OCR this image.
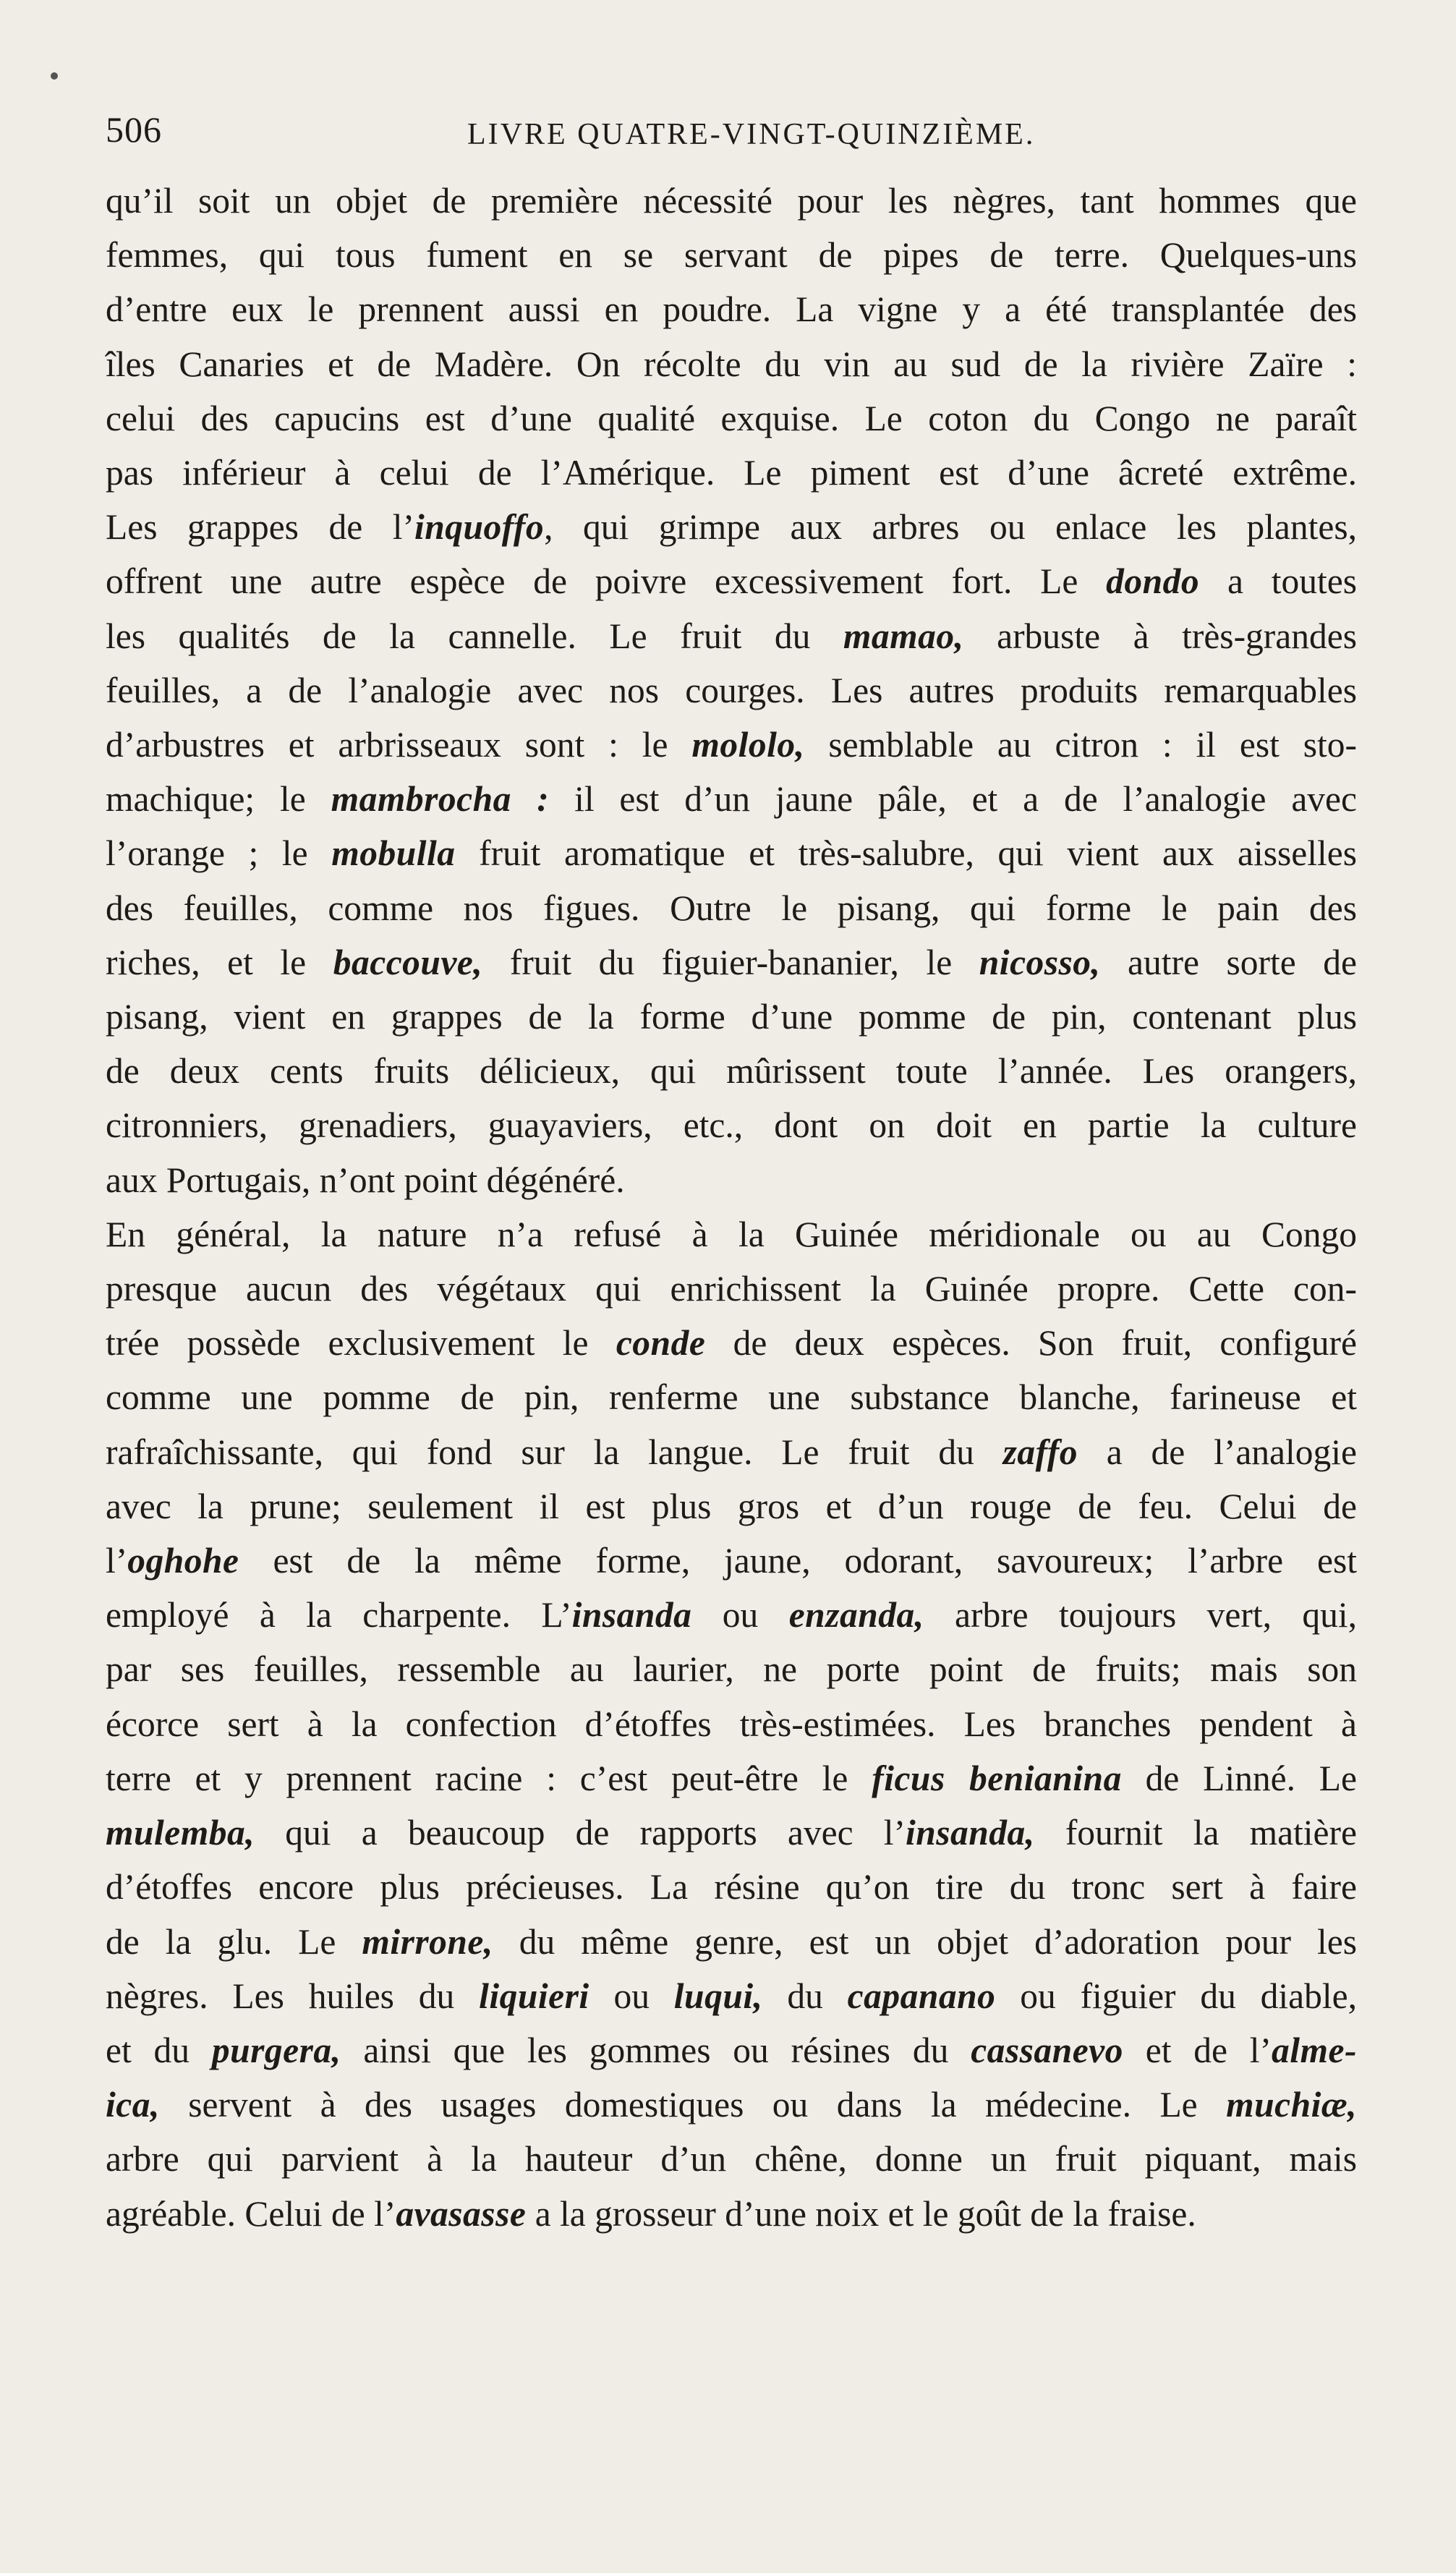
506	LIVRE QUATRE-VINGT-QUINZIÈME.
qu’il soit un objet de première nécessité pour les nègres, tant hommes que
femmes, qui tous fument en se servant de pipes de terre. Quelques-uns
d’entre eux le prennent aussi en poudre. La vigne y a été transplantée des
îles Canaries et de Madère. On récolte du vin au sud de la rivière Zaïre :
celui des capucins est d’une qualité exquise. Le coton du Congo ne paraît
pas inférieur à celui de l’Amérique. Le piment est d’une âcreté extrême.
Les grappes de l’inquoffo, qui grimpe aux arbres ou enlace les plantes,
offrent une autre espèce de poivre excessivement fort. Le dondo a toutes
les qualités de la cannelle. Le fruit du mamao, arbuste à très-grandes
feuilles, a de l’analogie avec nos courges. Les autres produits remarquables
d’arbustres et arbrisseaux sont : le mololo, semblable au citron : il est sto-
machique; le mambrocha : il est d’un jaune pâle, et a de l’analogie avec
l’orange ; le mobulla fruit aromatique et très-salubre, qui vient aux aisselles
des feuilles, comme nos figues. Outre le pisang, qui forme le pain des
riches, et le baccouve, fruit du figuier-bananier, le nicosso, autre sorte de
pisang, vient en grappes de la forme d’une pomme de pin, contenant plus
de deux cents fruits délicieux, qui mûrissent toute l’année. Les orangers,
citronniers, grenadiers, guayaviers, etc., dont on doit en partie la culture
aux Portugais, n’ont point dégénéré.
En général, la nature n’a refusé à la Guinée méridionale ou au Congo
presque aucun des végétaux qui enrichissent la Guinée propre. Cette con-
trée possède exclusivement le conde de deux espèces. Son fruit, configuré
comme une pomme de pin, renferme une substance blanche, farineuse et
rafraîchissante, qui fond sur la langue. Le fruit du zaffo a de l’analogie
avec la prune; seulement il est plus gros et d’un rouge de feu. Celui de
l’oghohe est de la même forme, jaune, odorant, savoureux; l’arbre est
employé à la charpente. L’insanda ou enzanda, arbre toujours vert, qui,
par ses feuilles, ressemble au laurier, ne porte point de fruits; mais son
écorce sert à la confection d’étoffes très-estimées. Les branches pendent à
terre et y prennent racine : c’est peut-être le ficus benianina de Linné. Le
mulemba, qui a beaucoup de rapports avec l’insanda, fournit la matière
d’étoffes encore plus précieuses. La résine qu’on tire du tronc sert à faire
de la glu. Le mirrone, du même genre, est un objet d’adoration pour les
nègres. Les huiles du liquieri ou luqui, du capanano ou figuier du diable,
et du purgera, ainsi que les gommes ou résines du cassanevo et de l’alme-
ica, servent à des usages domestiques ou dans la médecine. Le muchiæ,
arbre qui parvient à la hauteur d’un chêne, donne un fruit piquant, mais
agréable. Celui de l’avasasse a la grosseur d’une noix et le goût de la fraise.
